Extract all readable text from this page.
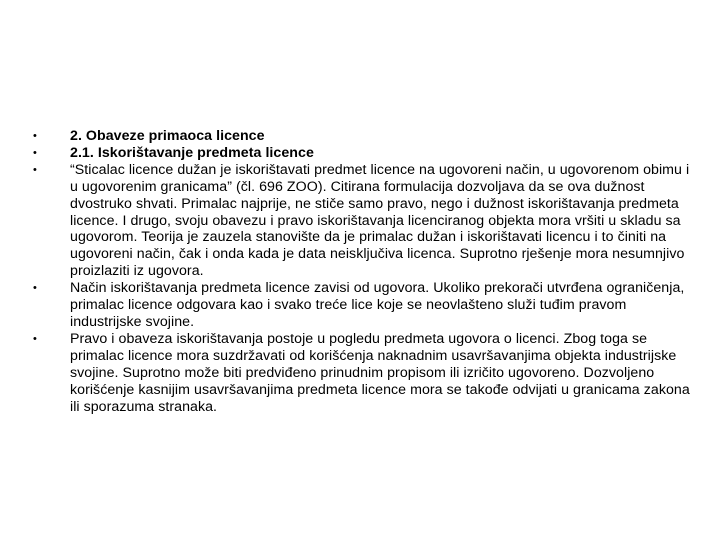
• 2. Obaveze primaoca licence
• 2.1. Iskorištavanje predmeta licence
• “Sticalac licence dužan je iskorištavati predmet licence na ugovoreni način, u ugovorenom obimu i u ugovorenim granicama” (čl. 696 ZOO). Citirana formulacija dozvoljava da se ova dužnost dvostruko shvati. Primalac najprije, ne stiče samo pravo, nego i dužnost iskorištavanja predmeta licence. I drugo, svoju obavezu i pravo iskorištavanja licenciranog objekta mora vršiti u skladu sa ugovorom. Teorija je zauzela stanovište da je primalac dužan i iskorištavati licencu i to činiti na ugovoreni način, čak i onda kada je data neisključiva licenca. Suprotno rješenje mora nesumnjivo proizlaziti iz ugovora.
• Način iskorištavanja predmeta licence zavisi od ugovora. Ukoliko prekorači utvrđena ograničenja, primalac licence odgovara kao i svako treće lice koje se neovlašteno služi tuđim pravom industrijske svojine.
• Pravo i obaveza iskorištavanja postoje u pogledu predmeta ugovora o licenci. Zbog toga se primalac licence mora suzdržavati od korišćenja naknadnim usavršavanjima objekta industrijske svojine. Suprotno može biti predviđeno prinudnim propisom ili izričito ugovoreno. Dozvoljeno korišćenje kasnijim usavršavanjima predmeta licence mora se takođe odvijati u granicama zakona ili sporazuma stranaka.
